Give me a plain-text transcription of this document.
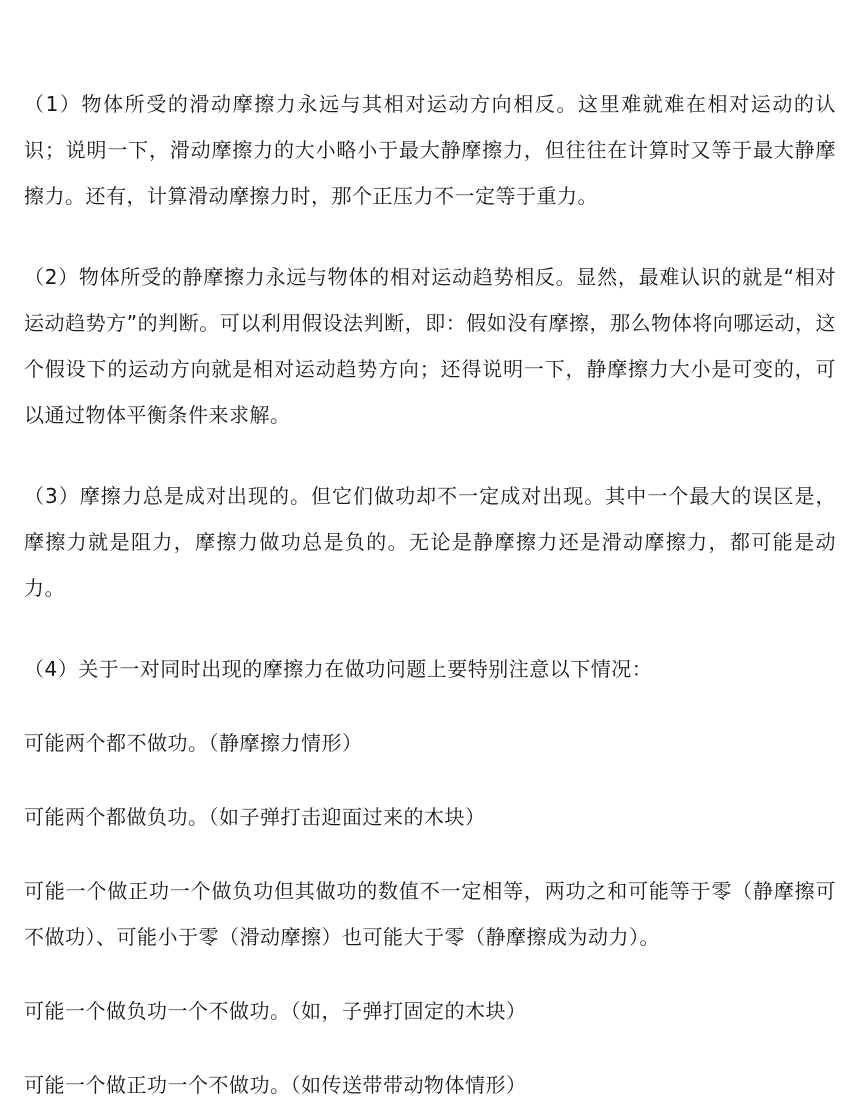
（1）物体所受的滑动摩擦力永远与其相对运动方向相反。这里难就难在相对运动的认识；说明一下，滑动摩擦力的大小略小于最大静摩擦力，但往往在计算时又等于最大静摩擦力。还有，计算滑动摩擦力时，那个正压力不一定等于重力。

（2）物体所受的静摩擦力永远与物体的相对运动趋势相反。显然，最难认识的就是“相对运动趋势方”的判断。可以利用假设法判断，即：假如没有摩擦，那么物体将向哪运动，这个假设下的运动方向就是相对运动趋势方向；还得说明一下，静摩擦力大小是可变的，可以通过物体平衡条件来求解。

（3）摩擦力总是成对出现的。但它们做功却不一定成对出现。其中一个最大的误区是，摩擦力就是阻力，摩擦力做功总是负的。无论是静摩擦力还是滑动摩擦力，都可能是动力。

（4）关于一对同时出现的摩擦力在做功问题上要特别注意以下情况：

可能两个都不做功。（静摩擦力情形）

可能两个都做负功。（如子弹打击迎面过来的木块）

可能一个做正功一个做负功但其做功的数值不一定相等，两功之和可能等于零（静摩擦可不做功）、可能小于零（滑动摩擦）也可能大于零（静摩擦成为动力）。

可能一个做负功一个不做功。（如，子弹打固定的木块）

可能一个做正功一个不做功。（如传送带带动物体情形）
